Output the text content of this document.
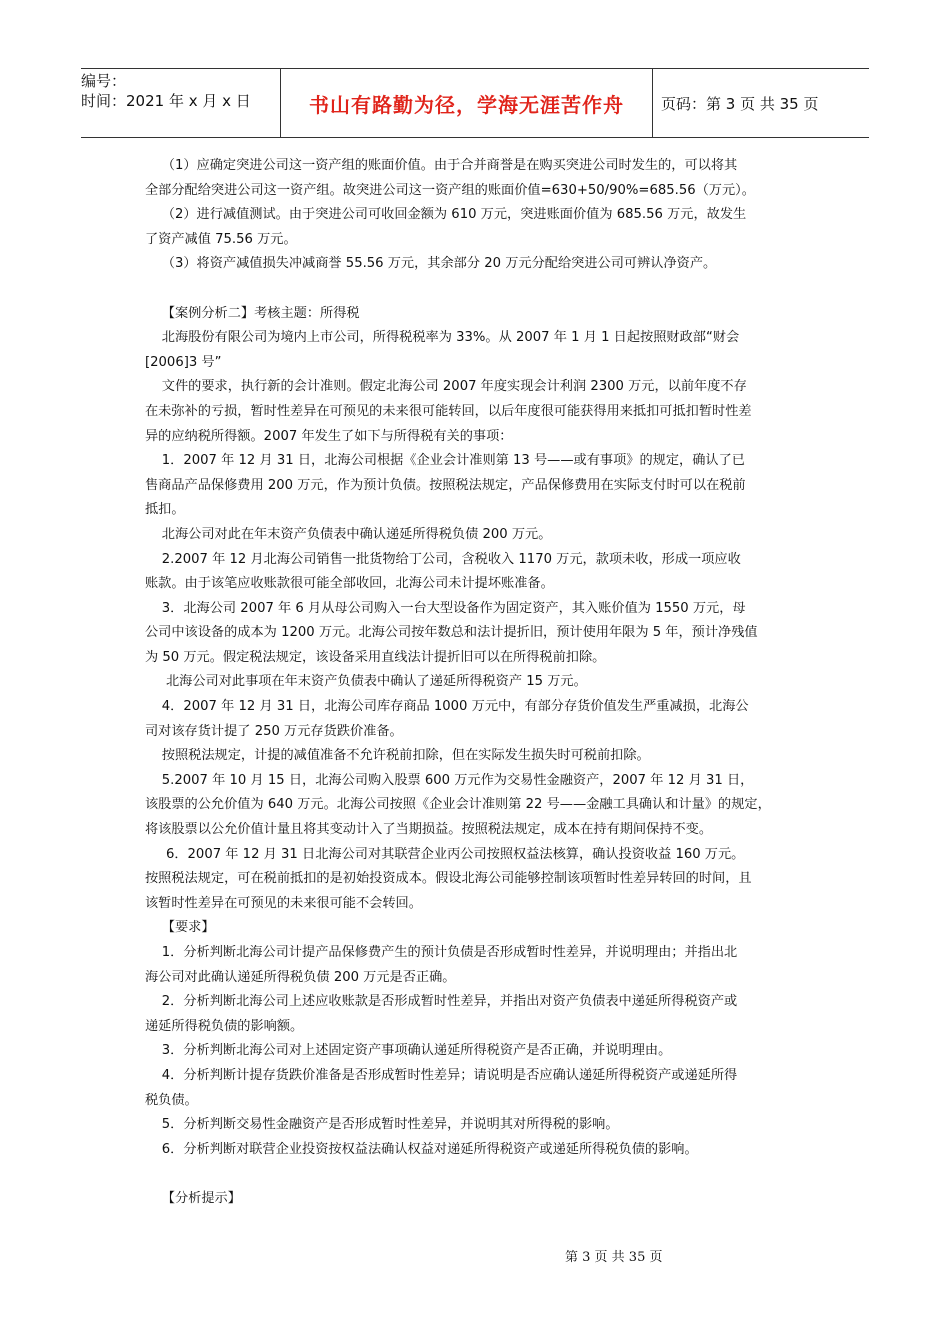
编号：
时间：2021 年 x 月 x 日	书山有路勤为径，学海无涯苦作舟 页码：第 3 页 共 35 页

（1）应确定突进公司这一资产组的账面价值。由于合并商誉是在购买突进公司时发生的，可以将其

全部分配给突进公司这一资产组。故突进公司这一资产组的账面价值=630+50/90%=685.56（万元）。

（2）进行减值测试。由于突进公司可收回金额为 610 万元，突进账面价值为 685.56 万元，故发生

了资产减值 75.56 万元。

（3）将资产减值损失冲减商誉 55.56 万元，其余部分 20 万元分配给突进公司可辨认净资产。

【案例分析二】考核主题：所得税

北海股份有限公司为境内上市公司，所得税税率为 33%。从 2007 年 1 月 1 日起按照财政部“财会

[2006]3 号”

文件的要求，执行新的会计准则。假定北海公司 2007 年度实现会计利润 2300 万元，以前年度不存

在未弥补的亏损，暂时性差异在可预见的未来很可能转回，以后年度很可能获得用来抵扣可抵扣暂时性差

异的应纳税所得额。2007 年发生了如下与所得税有关的事项：

1．2007 年 12 月 31 日，北海公司根据《企业会计准则第 13 号——或有事项》的规定，确认了已

售商品产品保修费用 200 万元，作为预计负债。按照税法规定，产品保修费用在实际支付时可以在税前

抵扣。

北海公司对此在年末资产负债表中确认递延所得税负债 200 万元。

2.2007 年 12 月北海公司销售一批货物给丁公司，含税收入 1170 万元，款项未收，形成一项应收

账款。由于该笔应收账款很可能全部收回，北海公司未计提坏账准备。

3．北海公司 2007 年 6 月从母公司购入一台大型设备作为固定资产，其入账价值为 1550 万元，母

公司中该设备的成本为 1200 万元。北海公司按年数总和法计提折旧，预计使用年限为 5 年，预计净残值

为 50 万元。假定税法规定，该设备采用直线法计提折旧可以在所得税前扣除。

北海公司对此事项在年末资产负债表中确认了递延所得税资产 15 万元。

4．2007 年 12 月 31 日，北海公司库存商品 1000 万元中，有部分存货价值发生严重减损，北海公

司对该存货计提了 250 万元存货跌价准备。

按照税法规定，计提的减值准备不允许税前扣除，但在实际发生损失时可税前扣除。

5.2007 年 10 月 15 日，北海公司购入股票 600 万元作为交易性金融资产，2007 年 12 月 31 日，

该股票的公允价值为 640 万元。北海公司按照《企业会计准则第 22 号——金融工具确认和计量》的规定，

将该股票以公允价值计量且将其变动计入了当期损益。按照税法规定，成本在持有期间保持不变。

6．2007 年 12 月 31 日北海公司对其联营企业丙公司按照权益法核算，确认投资收益 160 万元。

按照税法规定，可在税前抵扣的是初始投资成本。假设北海公司能够控制该项暂时性差异转回的时间，且

该暂时性差异在可预见的未来很可能不会转回。

【要求】

1．分析判断北海公司计提产品保修费产生的预计负债是否形成暂时性差异，并说明理由；并指出北

海公司对此确认递延所得税负债 200 万元是否正确。

2．分析判断北海公司上述应收账款是否形成暂时性差异，并指出对资产负债表中递延所得税资产或

递延所得税负债的影响额。

3．分析判断北海公司对上述固定资产事项确认递延所得税资产是否正确，并说明理由。

4．分析判断计提存货跌价准备是否形成暂时性差异；请说明是否应确认递延所得税资产或递延所得

税负债。

5．分析判断交易性金融资产是否形成暂时性差异，并说明其对所得税的影响。

6．分析判断对联营企业投资按权益法确认权益对递延所得税资产或递延所得税负债的影响。

【分析提示】

第 3 页 共 35 页
